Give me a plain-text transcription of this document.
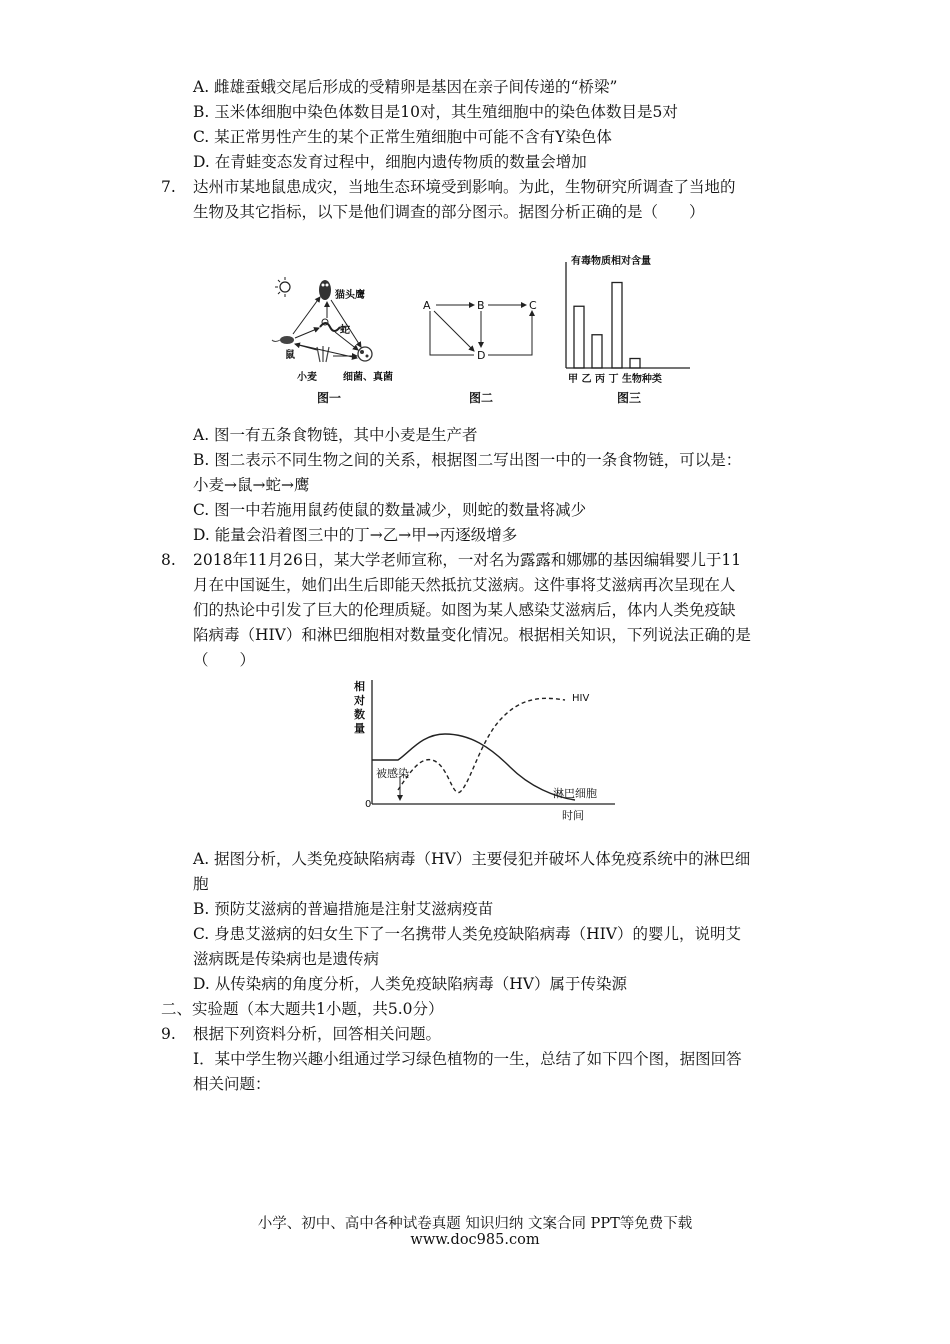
A. 雌雄蚕蛾交尾后形成的受精卵是基因在亲子间传递的“桥梁”
B. 玉米体细胞中染色体数目是10对，其生殖细胞中的染色体数目是5对
C. 某正常男性产生的某个正常生殖细胞中可能不含有Y染色体
D. 在青蛙变态发育过程中，细胞内遗传物质的数量会增加
7. 达州市某地鼠患成灾，当地生态环境受到影响。为此，生物研究所调查了当地的
生物及其它指标，以下是他们调查的部分图示。据图分析正确的是（　　）
猫头鹰
蛇
鼠
小麦	细菌、真菌
图一
A	B	C
D
图二
有毒物质相对含量
甲 乙 丙 丁 生物种类
图三
A. 图一有五条食物链，其中小麦是生产者
B. 图二表示不同生物之间的关系，根据图二写出图一中的一条食物链，可以是：
小麦→鼠→蛇→鹰
C. 图一中若施用鼠药使鼠的数量减少，则蛇的数量将减少
D. 能量会沿着图三中的丁→乙→甲→丙逐级增多
8. 2018年11月26日，某大学老师宣称，一对名为露露和娜娜的基因编辑婴儿于11
月在中国诞生，她们出生后即能天然抵抗艾滋病。这件事将艾滋病再次呈现在人
们的热论中引发了巨大的伦理质疑。如图为某人感染艾滋病后，体内人类免疫缺
陷病毒（HIV）和淋巴细胞相对数量变化情况。根据相关知识，下列说法正确的是
（　　）
相
对
数
量
HIV
被感染
淋巴细胞
0
时间
A. 据图分析，人类免疫缺陷病毒（HV）主要侵犯并破坏人体免疫系统中的淋巴细
胞
B. 预防艾滋病的普遍措施是注射艾滋病疫苗
C. 身患艾滋病的妇女生下了一名携带人类免疫缺陷病毒（HIV）的婴儿，说明艾
滋病既是传染病也是遗传病
D. 从传染病的角度分析，人类免疫缺陷病毒（HV）属于传染源
二、实验题（本大题共1小题，共5.0分）
9. 根据下列资料分析，回答相关问题。
I．某中学生物兴趣小组通过学习绿色植物的一生，总结了如下四个图，据图回答
相关问题：
小学、初中、高中各种试卷真题 知识归纳 文案合同 PPT等免费下载
www.doc985.com
